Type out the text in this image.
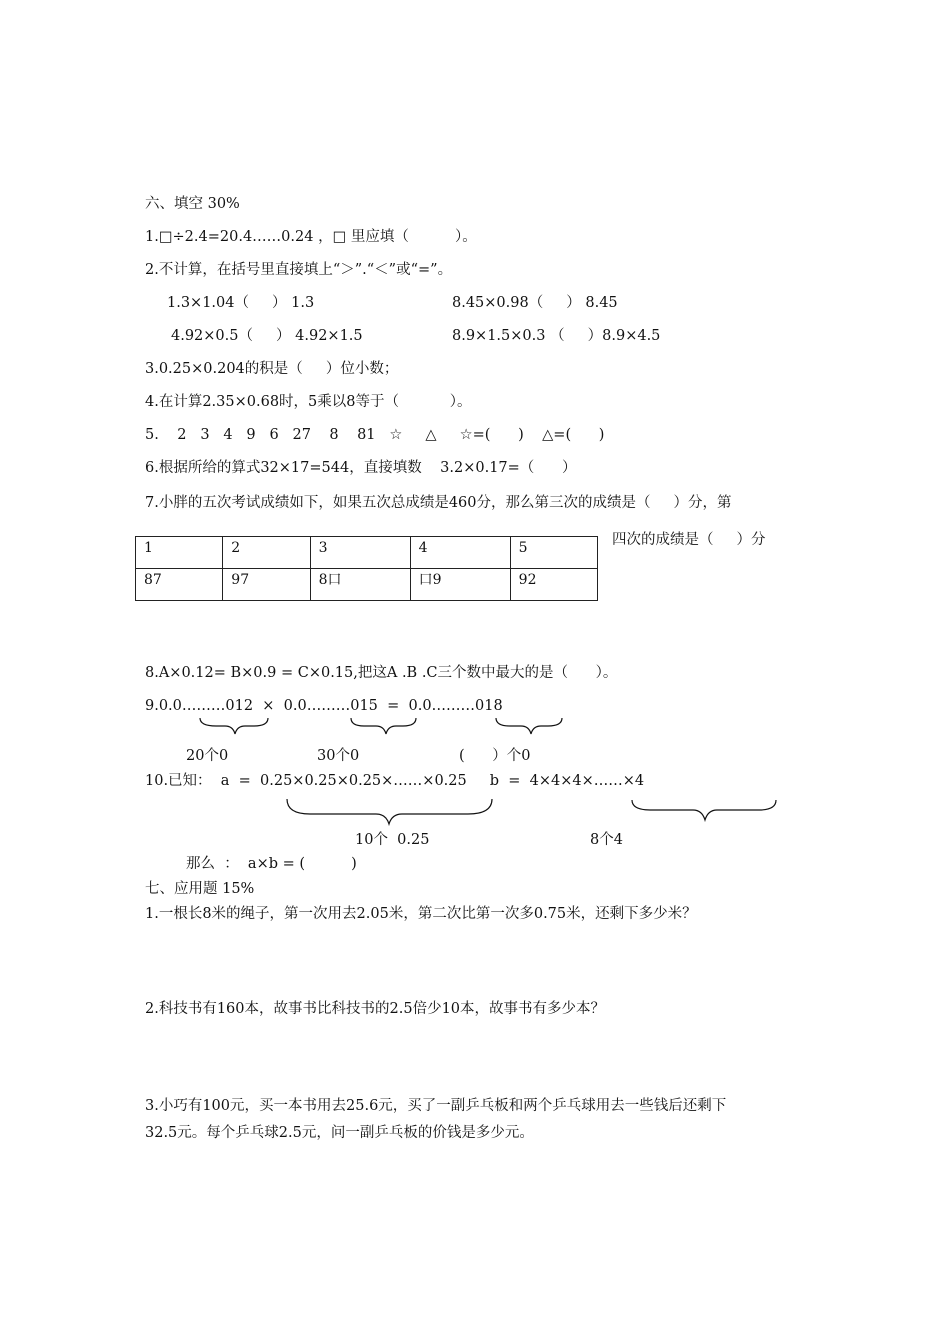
六、填空 30%
1.□÷2.4=20.4……0.24 ，□ 里应填（          ）。
2.不计算，在括号里直接填上“＞”.“＜”或“=”。
1.3×1.04（     ） 1.3	8.45×0.98（     ） 8.45
4.92×0.5（     ） 4.92×1.5	8.9×1.5×0.3 （     ）8.9×4.5
3.0.25×0.204的积是（     ）位小数；
4.在计算2.35×0.68时，5乘以8等于（           ）。
5.    2   3   4   9   6   27    8    81   ☆     △     ☆=(      )    △=(      )
6.根据所给的算式32×17=544，直接填数    3.2×0.17=（      ）
7.小胖的五次考试成绩如下，如果五次总成绩是460分，那么第三次的成绩是（     ）分，第
四次的成绩是（     ）分
1	2	3	4	5
87	97	8口	口9	92
8.A×0.12= B×0.9 = C×0.15,把这A .B .C三个数中最大的是（      ）。
9.0.0………012  ×  0.0………015  =  0.0………018
20个0	30个0	(      ）个0
10.已知：  a  =  0.25×0.25×0.25×……×0.25     b  =  4×4×4×……×4
10个  0.25	8个4
那么  ：  a×b = (          )
七、应用题 15%
1.一根长8米的绳子，第一次用去2.05米，第二次比第一次多0.75米，还剩下多少米？
2.科技书有160本，故事书比科技书的2.5倍少10本，故事书有多少本？
3.小巧有100元，买一本书用去25.6元，买了一副乒乓板和两个乒乓球用去一些钱后还剩下
32.5元。每个乒乓球2.5元，问一副乒乓板的价钱是多少元。
